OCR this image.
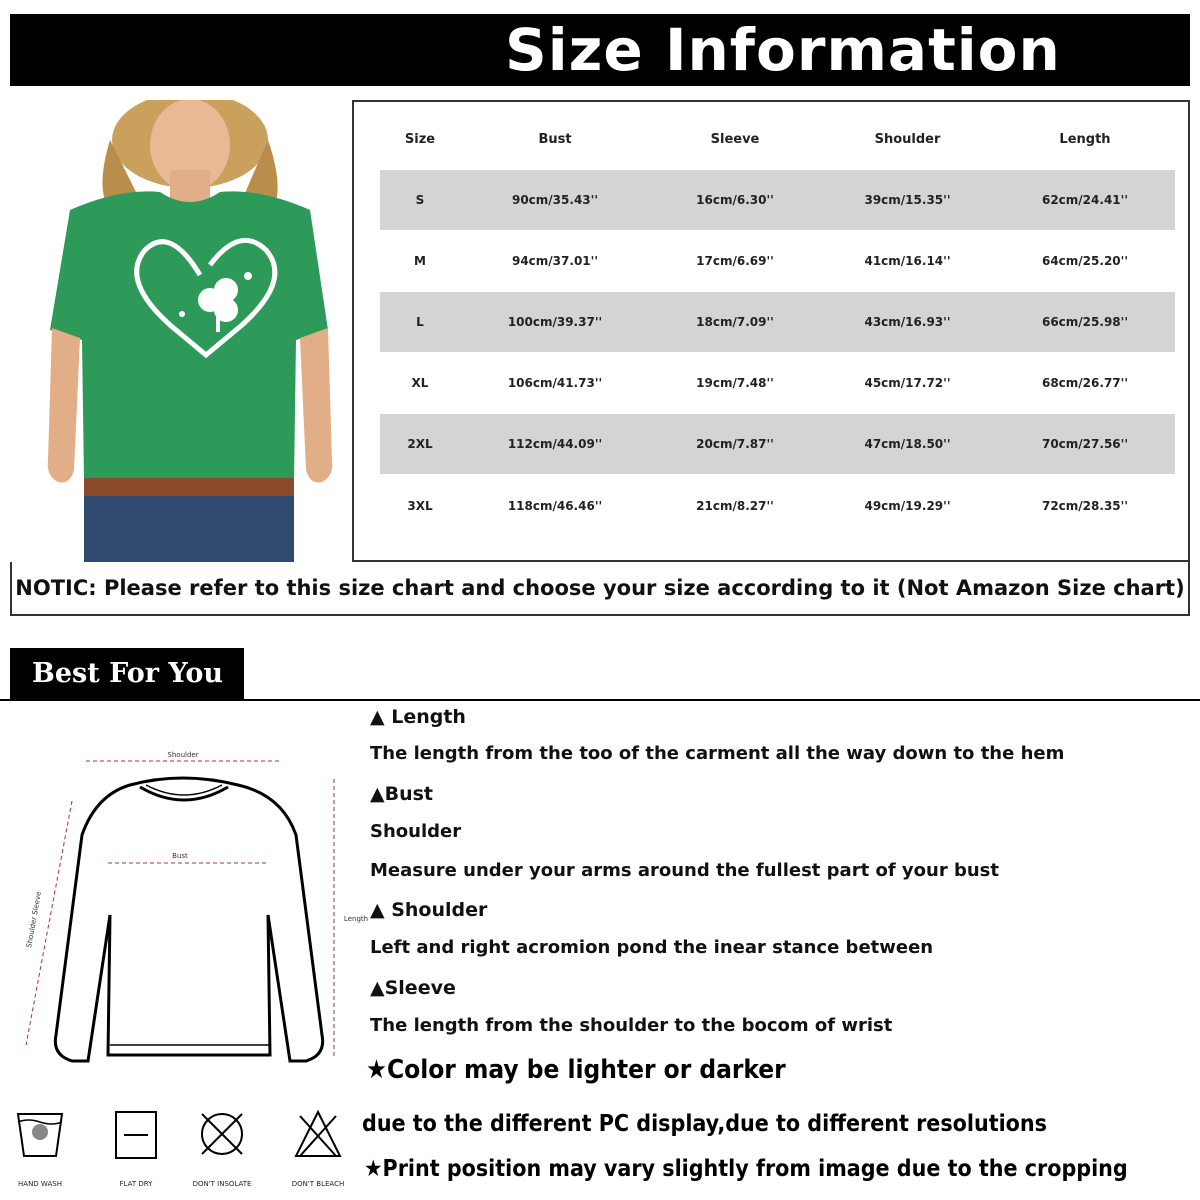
Size Information
Size	Bust	Sleeve	Shoulder	Length
S	90cm/35.43''	16cm/6.30''	39cm/15.35''	62cm/24.41''
M	94cm/37.01''	17cm/6.69''	41cm/16.14''	64cm/25.20''
L	100cm/39.37''	18cm/7.09''	43cm/16.93''	66cm/25.98''
XL	106cm/41.73''	19cm/7.48''	45cm/17.72''	68cm/26.77''
2XL	112cm/44.09''	20cm/7.87''	47cm/18.50''	70cm/27.56''
3XL	118cm/46.46''	21cm/8.27''	49cm/19.29''	72cm/28.35''
NOTIC: Please refer to this size chart and choose your size according to it (Not Amazon Size chart)
Best For You
Shoulder
Bust
Length
Shoulder Sleeve
▲ Length
The length from the too of the carment all the way down to the hem
▲Bust
Shoulder
Measure under your arms around the fullest part of your bust
▲ Shoulder
Left and right acromion pond the inear stance between
▲Sleeve
The length from the shoulder to the bocom of wrist
★Color may be lighter or darker
due to the different PC display,due to different resolutions
★Print position may vary slightly from image due to the cropping
HAND WASH	FLAT DRY	DON'T INSOLATE	DON'T BLEACH
